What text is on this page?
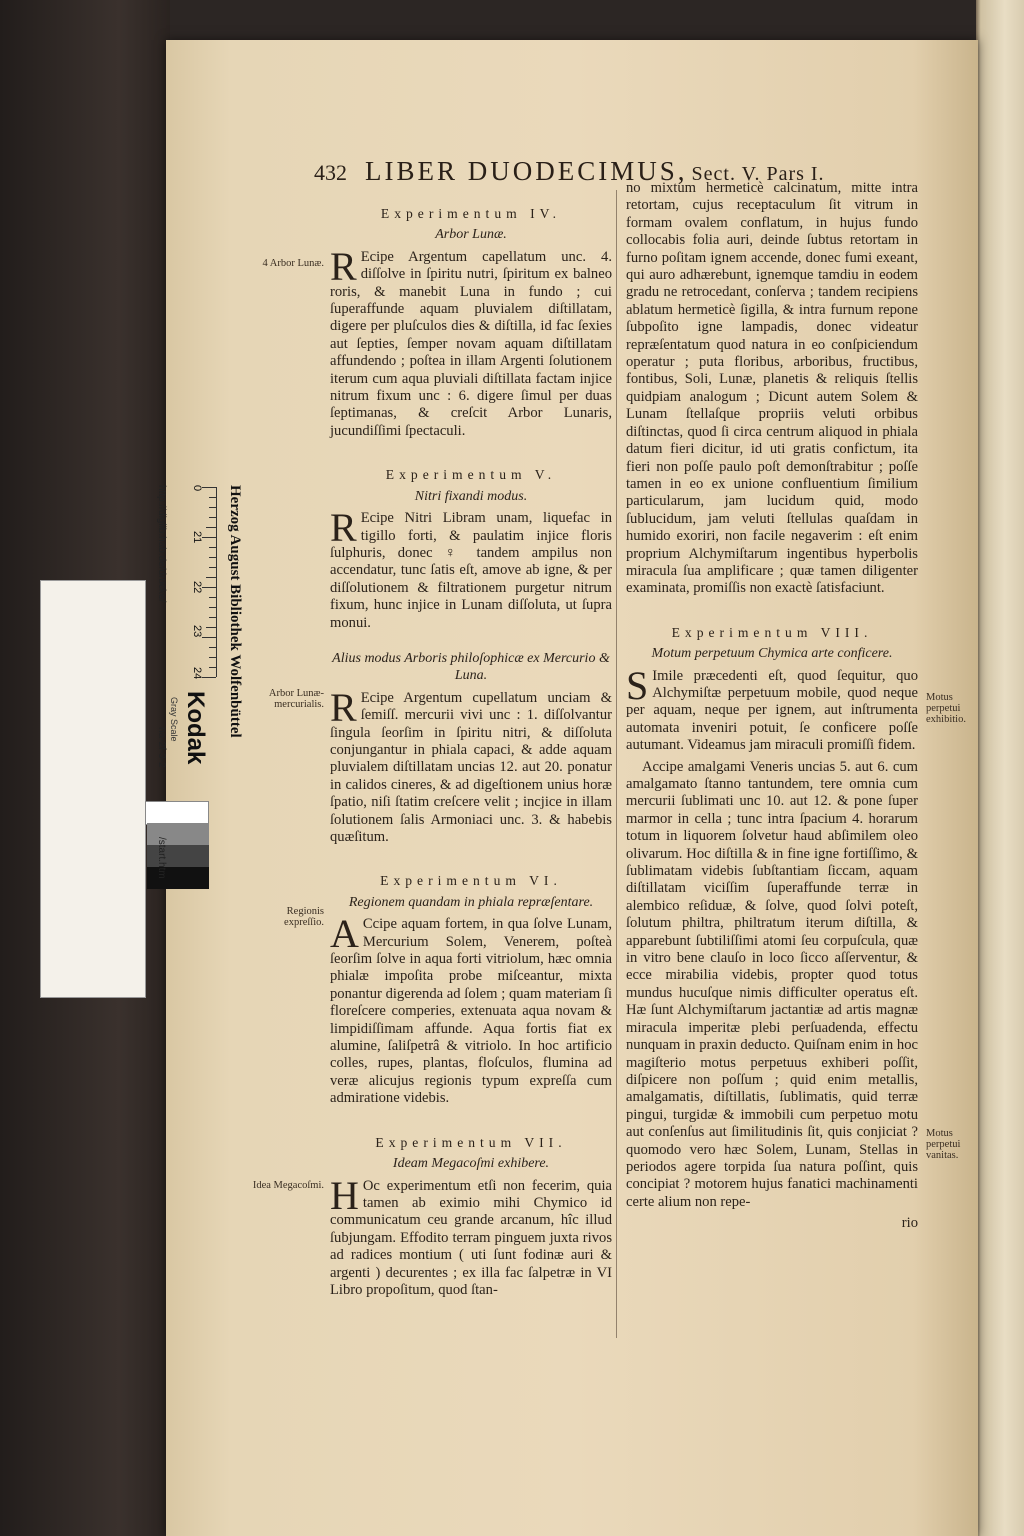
432 LIBER DUODECIMUS, Sect. V. Pars I.
4 Arbor Lunæ.
Arbor Lunæ-mercurialis.
Regionis expreſſio.
Idea Megacoſmi.
Motus perpetui exhibitio.
Motus perpetui vanitas.
Experimentum IV.
Arbor Lunæ.
R Ecipe Argentum capellatum unc. 4. diſſolve in ſpiritu nutri, ſpiritum ex balneo roris, & manebit Luna in fundo ; cui ſuperaffunde aquam pluvialem diſtillatam, digere per pluſculos dies & diſtilla, id fac ſexies aut ſepties, ſemper novam aquam diſtillatam affundendo ; poſtea in illam Argenti ſolutionem iterum cum aqua pluviali diſtillata factam injice nitrum fixum unc : 6. digere ſimul per duas ſeptimanas, & creſcit Arbor Lunaris, jucundiſſimi ſpectaculi.
Experimentum V.
Nitri fixandi modus.
R Ecipe Nitri Libram unam, liquefac in tigillo forti, & paulatim injice floris ſulphuris, donec ♀ tandem ampilus non accendatur, tunc ſatis eſt, amove ab igne, & per diſſolutionem & filtrationem purgetur nitrum fixum, hunc injice in Lunam diſſoluta, ut ſupra monui.
Alius modus Arboris philoſophicæ ex Mercurio & Luna.
R Ecipe Argentum cupellatum unciam & ſemiſſ. mercurii vivi unc : 1. diſſolvantur ſingula ſeorſim in ſpiritu nitri, & diſſoluta conjungantur in phiala capaci, & adde aquam pluvialem diſtillatam uncias 12. aut 20. ponatur in calidos cineres, & ad digeſtionem unius horæ ſpatio, niſi ſtatim creſcere velit ; incjice in illam ſolutionem ſalis Armoniaci unc. 3. & habebis quæſitum.
Experimentum VI.
Regionem quandam in phiala repræſentare.
A Ccipe aquam fortem, in qua ſolve Lunam, Mercurium Solem, Venerem, poſteà ſeorſim ſolve in aqua forti vitriolum, hæc omnia phialæ impoſita probe miſceantur, mixta ponantur digerenda ad ſolem ; quam materiam ſi floreſcere comperies, extenuata aqua novam & limpidiſſimam affunde. Aqua fortis fiat ex alumine, ſaliſpetrâ & vitriolo. In hoc artificio colles, rupes, plantas, floſculos, flumina ad veræ alicujus regionis typum expreſſa cum admiratione videbis.
Experimentum VII.
Ideam Megacoſmi exhibere.
H Oc experimentum etſi non fecerim, quia tamen ab eximio mihi Chymico id communicatum ceu grande arcanum, hîc illud ſubjungam. Effodito terram pinguem juxta rivos ad radices montium ( uti ſunt fodinæ auri & argenti ) decurentes ; ex illa fac ſalpetræ in VI Libro propoſitum, quod ſtan-
no mixtum hermeticè calcinatum, mitte intra retortam, cujus receptaculum ſit vitrum in formam ovalem conflatum, in hujus fundo collocabis folia auri, deinde ſubtus retortam in furno poſitam ignem accende, donec fumi exeant, qui auro adhærebunt, ignemque tamdiu in eodem gradu ne retrocedant, conſerva ; tandem recipiens ablatum hermeticè ſigilla, & intra furnum repone ſubpoſito igne lampadis, donec videatur repræſentatum quod natura in eo conſpiciendum operatur ; puta floribus, arboribus, fructibus, fontibus, Soli, Lunæ, planetis & reliquis ſtellis quidpiam analogum ; Dicunt autem Solem & Lunam ſtellaſque propriis veluti orbibus diſtinctas, quod ſi circa centrum aliquod in phiala datum fieri dicitur, id uti gratis confictum, ita fieri non poſſe paulo poſt demonſtrabitur ; poſſe tamen in eo ex unione confluentium ſimilium particularum, jam lucidum quid, modo ſublucidum, jam veluti ſtellulas quaſdam in humido exoriri, non facile negaverim : eſt enim proprium Alchymiſtarum ingentibus hyperbolis miracula ſua amplificare ; quæ tamen diligenter examinata, promiſſis non exactè ſatisfaciunt.
Experimentum VIII.
Motum perpetuum Chymica arte conficere.
S Imile præcedenti eſt, quod ſequitur, quo Alchymiſtæ perpetuum mobile, quod neque per aquam, neque per ignem, aut inſtrumenta automata inveniri potuit, ſe conficere poſſe autumant. Videamus jam miraculi promiſſi fidem.
Accipe amalgami Veneris uncias 5. aut 6. cum amalgamato ſtanno tantundem, tere omnia cum mercurii ſublimati unc 10. aut 12. & pone ſuper marmor in cella ; tunc intra ſpacium 4. horarum totum in liquorem ſolvetur haud abſimilem oleo olivarum. Hoc diſtilla & in fine igne fortiſſimo, & ſublimatam videbis ſubſtantiam ſiccam, aquam diſtillatam viciſſim ſuperaffunde terræ in alembico reſiduæ, & ſolve, quod ſolvi poteſt, ſolutum philtra, philtratum iterum diſtilla, & apparebunt ſubtiliſſimi atomi ſeu corpuſcula, quæ in vitro bene clauſo in loco ſicco aſſerventur, & ecce mirabilia videbis, propter quod totus mundus hucuſque nimis difficulter operatus eſt. Hæ ſunt Alchymiſtarum jactantiæ ad artis magnæ miracula imperitæ plebi perſuadenda, effectu nunquam in praxin deducto. Quiſnam enim in hoc magiſterio motus perpetuus exhiberi poſſit, diſpicere non poſſum ; quid enim metallis, amalgamatis, diſtillatis, ſublimatis, quid terræ pingui, turgidæ & immobili cum perpetuo motu aut conſenſus aut ſimilitudinis ſit, quis conjiciat ? quomodo vero hæc Solem, Lunam, Stellas in periodos agere torpida ſua natura poſſint, quis concipiat ? motorem hujus fanatici machinamenti certe alium non repe-
rio
Herzog August Bibliothek Wolfenbüttel
0
21
22
23
24
Kodak
Gray Scale
http://diglib.hab.de/drucke/
na-2f-3-2
/start.htm
